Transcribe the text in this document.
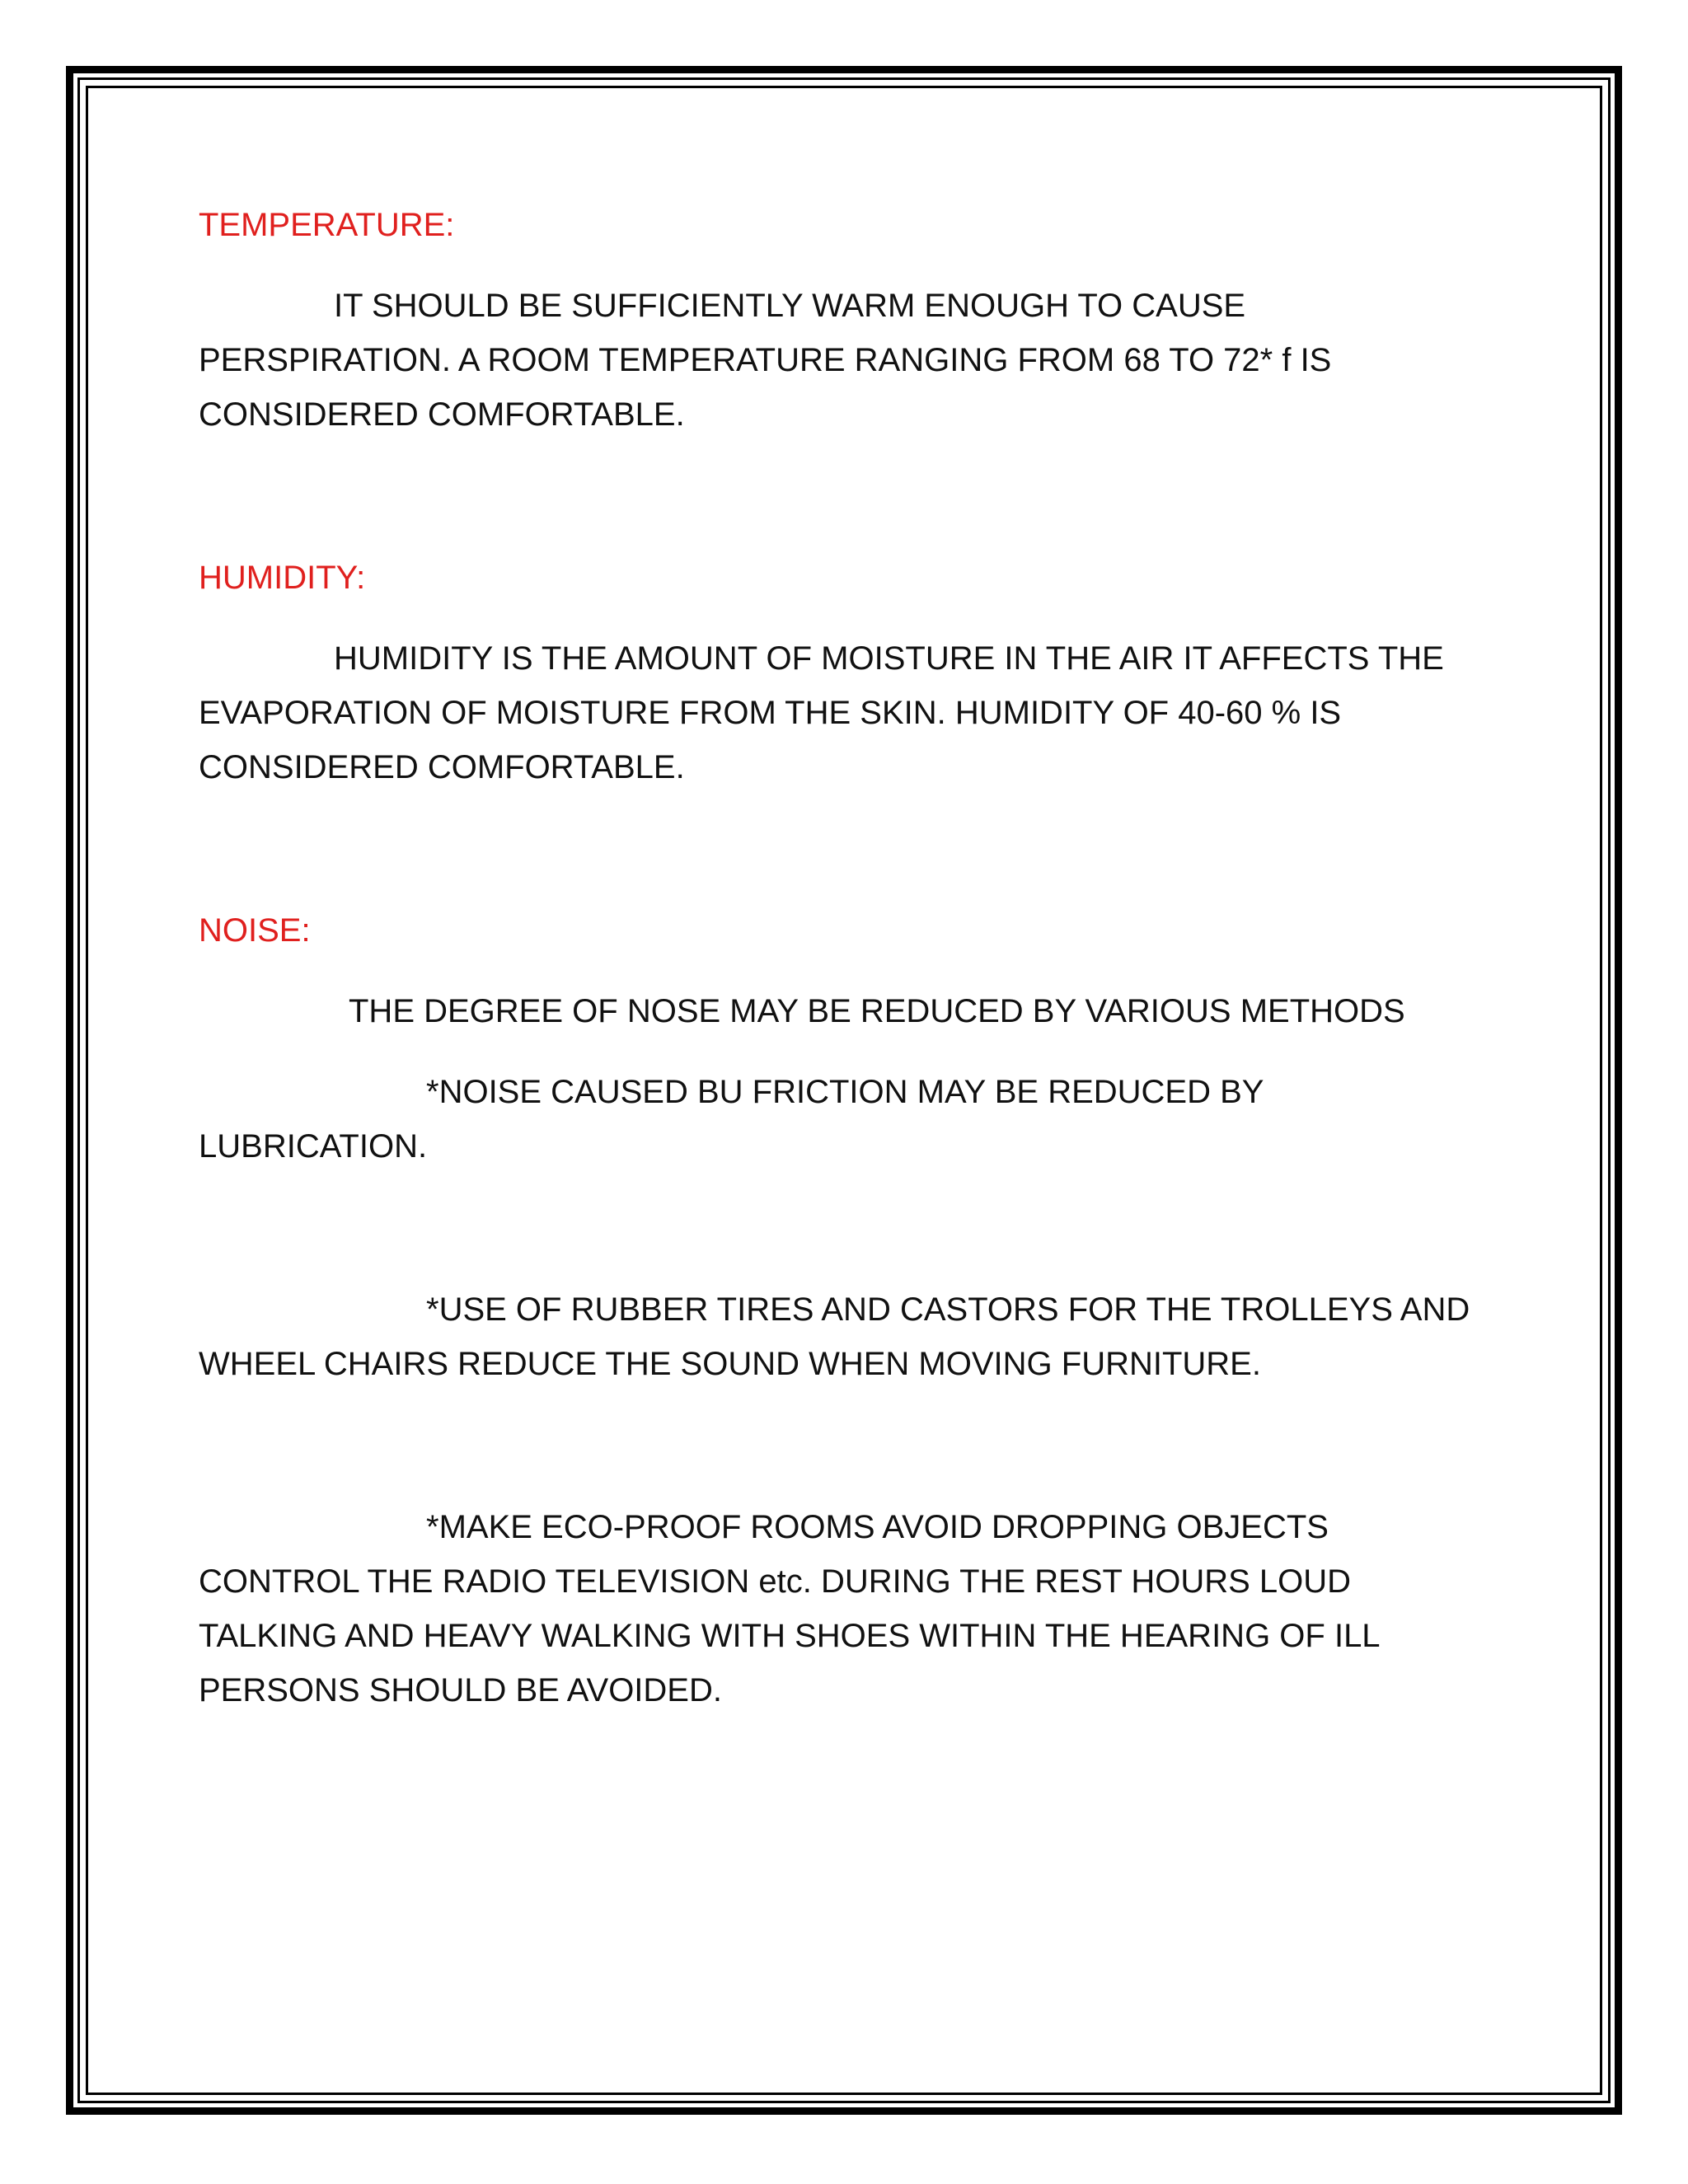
TEMPERATURE:

IT SHOULD BE SUFFICIENTLY WARM ENOUGH TO CAUSE PERSPIRATION. A ROOM TEMPERATURE RANGING FROM 68 TO 72* f IS CONSIDERED COMFORTABLE.

HUMIDITY:

HUMIDITY IS THE AMOUNT OF MOISTURE IN THE AIR IT AFFECTS THE EVAPORATION OF MOISTURE FROM THE SKIN. HUMIDITY OF 40-60 % IS CONSIDERED COMFORTABLE.

NOISE:

THE DEGREE OF NOSE MAY BE REDUCED BY VARIOUS METHODS

*NOISE CAUSED BU FRICTION MAY BE REDUCED BY LUBRICATION.

*USE OF RUBBER TIRES AND CASTORS FOR THE TROLLEYS AND WHEEL CHAIRS REDUCE THE SOUND WHEN MOVING FURNITURE.

*MAKE ECO-PROOF ROOMS AVOID DROPPING OBJECTS CONTROL THE RADIO TELEVISION etc. DURING THE REST HOURS LOUD TALKING AND HEAVY WALKING WITH SHOES WITHIN THE HEARING OF ILL PERSONS SHOULD BE AVOIDED.
